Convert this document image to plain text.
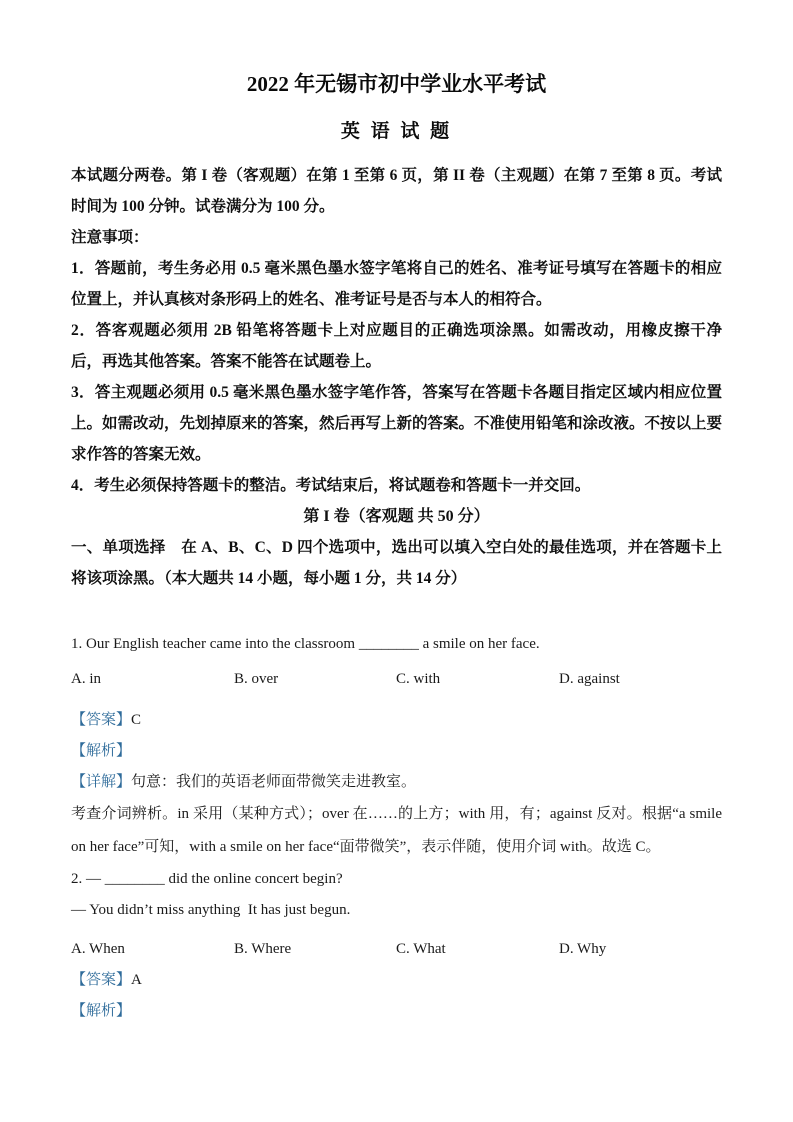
2022 年无锡市初中学业水平考试
英 语 试 题

本试题分两卷。第 I 卷（客观题）在第 1 至第 6 页，第 II 卷（主观题）在第 7 至第 8 页。考试时间为 100 分钟。试卷满分为 100 分。

注意事项：

1．答题前，考生务必用 0.5 毫米黑色墨水签字笔将自己的姓名、准考证号填写在答题卡的相应位置上，并认真核对条形码上的姓名、准考证号是否与本人的相符合。

2．答客观题必须用 2B 铅笔将答题卡上对应题目的正确选项涂黑。如需改动，用橡皮擦干净后，再选其他答案。答案不能答在试题卷上。

3．答主观题必须用 0.5 毫米黑色墨水签字笔作答，答案写在答题卡各题目指定区域内相应位置上。如需改动，先划掉原来的答案，然后再写上新的答案。不准使用铅笔和涂改液。不按以上要求作答的答案无效。

4．考生必须保持答题卡的整洁。考试结束后，将试题卷和答题卡一并交回。

第 I 卷（客观题 共 50 分）

一、单项选择　在 A、B、C、D 四个选项中，选出可以填入空白处的最佳选项，并在答题卡上将该项涂黑。（本大题共 14 小题，每小题 1 分，共 14 分）

1. Our English teacher came into the classroom ________ a smile on her face.

A. in	B. over	C. with	D. against

【答案】C

【解析】

【详解】句意：我们的英语老师面带微笑走进教室。

考查介词辨析。in 采用（某种方式）；over 在……的上方；with 用，有；against 反对。根据“a smile on her face”可知，with a smile on her face“面带微笑”，表示伴随，使用介词 with。故选 C。

2. — ________ did the online concert begin?

— You didn’t miss anything  It has just begun.

A. When	B. Where	C. What	D. Why

【答案】A

【解析】
